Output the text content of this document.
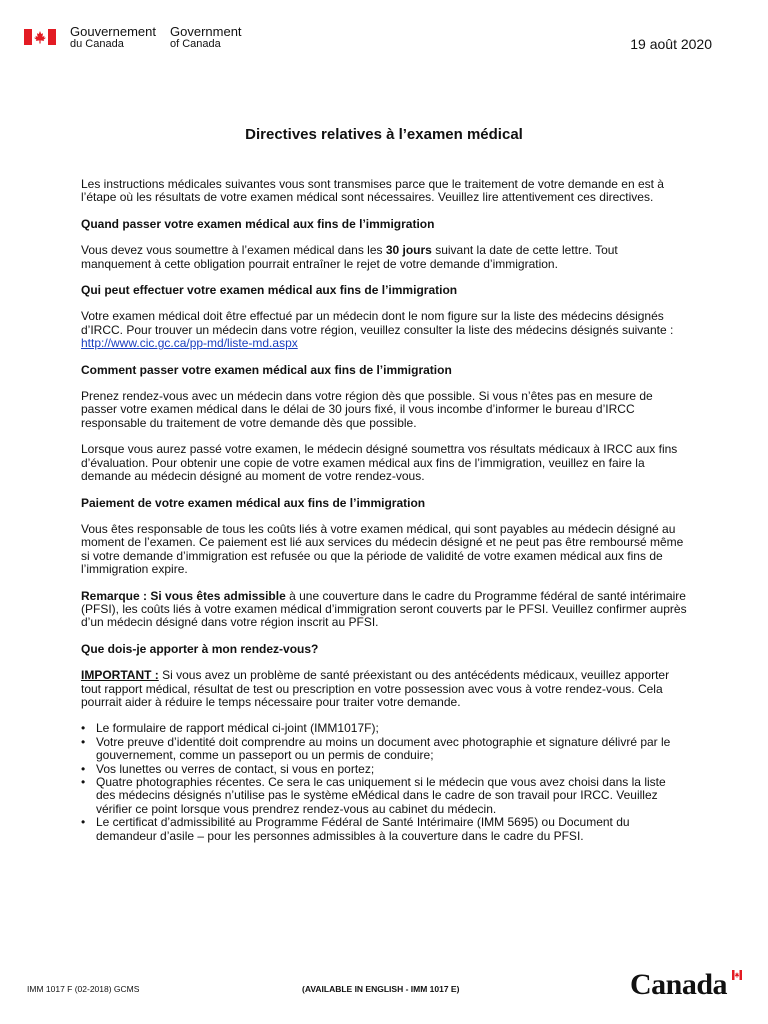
Gouvernement
du Canada
Government
of Canada	19 août 2020
Directives relatives à l’examen médical

Les instructions médicales suivantes vous sont transmises parce que le traitement de votre demande en est à l’étape où les résultats de votre examen médical sont nécessaires. Veuillez lire attentivement ces directives.

Quand passer votre examen médical aux fins de l’immigration

Vous devez vous soumettre à l’examen médical dans les 30 jours suivant la date de cette lettre. Tout manquement à cette obligation pourrait entraîner le rejet de votre demande d’immigration.

Qui peut effectuer votre examen médical aux fins de l’immigration

Votre examen médical doit être effectué par un médecin dont le nom figure sur la liste des médecins désignés d’IRCC. Pour trouver un médecin dans votre région, veuillez consulter la liste des médecins désignés suivante :
http://www.cic.gc.ca/pp-md/liste-md.aspx

Comment passer votre examen médical aux fins de l’immigration

Prenez rendez-vous avec un médecin dans votre région dès que possible. Si vous n’êtes pas en mesure de passer votre examen médical dans le délai de 30 jours fixé, il vous incombe d’informer le bureau d’IRCC responsable du traitement de votre demande dès que possible.

Lorsque vous aurez passé votre examen, le médecin désigné soumettra vos résultats médicaux à IRCC aux fins d’évaluation. Pour obtenir une copie de votre examen médical aux fins de l’immigration, veuillez en faire la demande au médecin désigné au moment de votre rendez-vous.

Paiement de votre examen médical aux fins de l’immigration

Vous êtes responsable de tous les coûts liés à votre examen médical, qui sont payables au médecin désigné au moment de l’examen. Ce paiement est lié aux services du médecin désigné et ne peut pas être remboursé même si votre demande d’immigration est refusée ou que la période de validité de votre examen médical aux fins de l’immigration expire.

Remarque : Si vous êtes admissible à une couverture dans le cadre du Programme fédéral de santé intérimaire (PFSI), les coûts liés à votre examen médical d’immigration seront couverts par le PFSI. Veuillez confirmer auprès d’un médecin désigné dans votre région inscrit au PFSI.

Que dois-je apporter à mon rendez-vous?

IMPORTANT : Si vous avez un problème de santé préexistant ou des antécédents médicaux, veuillez apporter tout rapport médical, résultat de test ou prescription en votre possession avec vous à votre rendez-vous. Cela pourrait aider à réduire le temps nécessaire pour traiter votre demande.

• Le formulaire de rapport médical ci-joint (IMM1017F);
• Votre preuve d’identité doit comprendre au moins un document avec photographie et signature délivré par le gouvernement, comme un passeport ou un permis de conduire;
• Vos lunettes ou verres de contact, si vous en portez;
• Quatre photographies récentes. Ce sera le cas uniquement si le médecin que vous avez choisi dans la liste des médecins désignés n’utilise pas le système eMédical dans le cadre de son travail pour IRCC. Veuillez vérifier ce point lorsque vous prendrez rendez-vous au cabinet du médecin.
• Le certificat d’admissibilité au Programme Fédéral de Santé Intérimaire (IMM 5695) ou Document du demandeur d’asile – pour les personnes admissibles à la couverture dans le cadre du PFSI.
IMM 1017 F (02-2018) GCMS	(AVAILABLE IN ENGLISH - IMM 1017 E)	Canada
